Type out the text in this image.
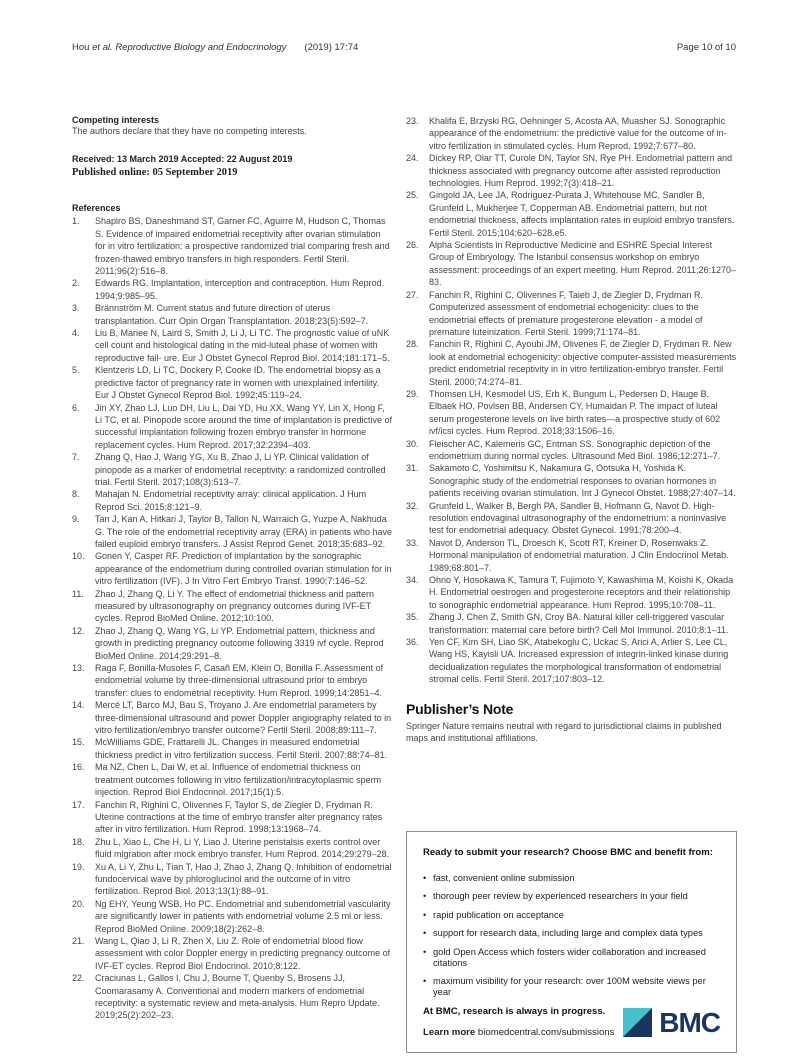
Hou et al. Reproductive Biology and Endocrinology (2019) 17:74	Page 10 of 10
Competing interests

The authors declare that they have no competing interests.

Received: 13 March 2019 Accepted: 22 August 2019

Published online: 05 September 2019

References
1.	Shapiro BS, Daneshmand ST, Garner FC, Aguirre M, Hudson C, Thomas S. Evidence of impaired endometrial receptivity after ovarian stimulation for in vitro fertilization: a prospective randomized trial comparing fresh and frozen-thawed embryo transfers in high responders. Fertil Steril. 2011;96(2):516–8.
2.	Edwards RG. Implantation, interception and contraception. Hum Reprod. 1994;9:985–95.
3.	Brännström M. Current status and future direction of uterus transplantation. Curr Opin Organ Transplantation. 2018;23(5):592–7.
4.	Liu B, Mariee N, Laird S, Smith J, Li J, Li TC. The prognostic value of uNK cell count and histological dating in the mid-luteal phase of women with reproductive fail- ure. Eur J Obstet Gynecol Reprod Biol. 2014;181:171–5.
5.	Klentzeris LD, Li TC, Dockery P, Cooke ID. The endometrial biopsy as a predictive factor of pregnancy rate in women with unexplained infertility. Eur J Obstet Gynecol Reprod Biol. 1992;45:119–24.
6.	Jin XY, Zhao LJ, Luo DH, Liu L, Dai YD, Hu XX, Wang YY, Lin X, Hong F, Li TC, et al. Pinopode score around the time of implantation is predictive of successful implantation following frozen embryo transfer in hormone replacement cycles. Hum Reprod. 2017;32:2394–403.
7.	Zhang Q, Hao J, Wang YG, Xu B, Zhao J, Li YP. Clinical validation of pinopode as a marker of endometrial receptivity: a randomized controlled trial. Fertil Steril. 2017;108(3):513–7.
8.	Mahajan N. Endometrial receptivity array: clinical application. J Hum Reprod Sci. 2015;8:121–9.
9.	Tan J, Kan A, Hitkari J, Taylor B, Tallon N, Warraich G, Yuzpe A, Nakhuda G. The role of the endometrial receptivity array (ERA) in patients who have failed euploid embryo transfers. J Assist Reprod Genet. 2018;35:683–92.
10. Gonen Y, Casper RF. Prediction of implantation by the sonographic appearance of the endometrium during controlled ovarian stimulation for in vitro fertilization (IVF). J In Vitro Fert Embryo Transf. 1990;7:146–52.
11. Zhao J, Zhang Q, Li Y. The effect of endometrial thickness and pattern measured by ultrasonography on pregnancy outcomes during IVF-ET cycles. Reprod BioMed Online. 2012;10:100.
12. Zhao J, Zhang Q, Wang YG, Li YP. Endometrial pattern, thickness and growth in predicting pregnancy outcome following 3319 ivf cycle. Reprod BioMed Online. 2014;29:291–8.
13. Raga F, Bonilla-Musoles F, Casañ EM, Klein O, Bonilla F. Assessment of endometrial volume by three-dimensional ultrasound prior to embryo transfer: clues to endometrial receptivity. Hum Reprod. 1999;14:2851–4.
14. Mercé LT, Barco MJ, Bau S, Troyano J. Are endometrial parameters by three-dimensional ultrasound and power Doppler angiography related to in vitro fertilization/embryo transfer outcome? Fertil Steril. 2008;89:111–7.
15. McWilliams GDE, Frattarelli JL. Changes in measured endometrial thickness predict in vitro fertilization success. Fertil Steril. 2007;88:74–81.
16. Ma NZ, Chen L, Dai W, et al. Influence of endometrial thickness on treatment outcomes following in vitro fertilization/intracytoplasmic sperm injection. Reprod Biol Endocrinol. 2017;15(1):5.
17. Fanchin R, Righini C, Olivennes F, Taylor S, de Ziegler D, Frydman R. Uterine contractions at the time of embryo transfer alter pregnancy rates after in vitro fertilization. Hum Reprod. 1998;13:1968–74.
18. Zhu L, Xiao L, Che H, Li Y, Liao J. Uterine peristalsis exerts control over fluid migration after mock embryo transfer. Hum Reprod. 2014;29:279–28.
19. Xu A, Li Y, Zhu L, Tian T, Hao J, Zhao J, Zhang Q. Inhibition of endometrial fundocervical wave by phloroglucinol and the outcome of in vitro fertilization. Reprod Biol. 2013;13(1):88–91.
20. Ng EHY, Yeung WSB, Ho PC. Endometrial and subendometrial vascularity are significantly lower in patients with endometrial volume 2.5 ml or less. Reprod BioMed Online. 2009;18(2):262–8.
21. Wang L, Qiao J, Li R, Zhen X, Liu Z. Role of endometrial blood flow assessment with color Doppler energy in predicting pregnancy outcome of IVF-ET cycles. Reprod Biol Endocrinol. 2010;8:122.
22. Craciunas L, Gallos I, Chu J, Bourne T, Quenby S, Brosens JJ, Coomarasamy A. Conventional and modern markers of endometrial receptivity: a systematic review and meta-analysis. Hum Repro Update. 2019;25(2):202–23.
23. Khalifa E, Brzyski RG, Oehninger S, Acosta AA, Muasher SJ. Sonographic appearance of the endometrium: the predictive value for the outcome of in-vitro fertilization in stimulated cycles. Hum Reprod. 1992;7:677–80.
24. Dickey RP, Olar TT, Curole DN, Taylor SN, Rye PH. Endometrial pattern and thickness associated with pregnancy outcome after assisted reproduction technologies. Hum Reprod. 1992;7(3):418–21.
25. Gingold JA, Lee JA, Rodriguez-Purata J, Whitehouse MC, Sandler B, Grunfeld L, Mukherjee T, Copperman AB. Endometrial pattern, but not endometrial thickness, affects implantation rates in euploid embryo transfers. Fertil Steril. 2015;104:620–628.e5.
26. Alpha Scientists in Reproductive Medicine and ESHRE Special Interest Group of Embryology. The Istanbul consensus workshop on embryo assessment: proceedings of an expert meeting. Hum Reprod. 2011;26:1270–83.
27. Fanchin R, Righini C, Olivennes F, Taieb J, de Ziegler D, Frydman R. Computerized assessment of endometrial echogenicity: clues to the endometrial effects of premature progesterone elevation - a model of premature luteinization. Fertil Steril. 1999;71:174–81.
28. Fanchin R, Righini C, Ayoubi JM, Olivenes F, de Ziegler D, Frydman R. New look at endometrial echogenicity: objective computer-assisted measurements predict endometrial receptivity in in vitro fertilization-embryo transfer. Fertil Steril. 2000;74:274–81.
29. Thomsen LH, Kesmodel US, Erb K, Bungum L, Pedersen D, Hauge B, Elbaek HO, Povlsen BB, Andersen CY, Humaidan P. The impact of luteal serum progesterone levels on live birth rates—a prospective study of 602 ivf/icsi cycles. Hum Reprod. 2018;33:1506–16.
30. Fleischer AC, Kalemeris GC, Entman SS. Sonographic depiction of the endometrium during normal cycles. Ultrasound Med Biol. 1986;12:271–7.
31. Sakamoto C, Yoshimitsu K, Nakamura G, Ootsuka H, Yoshida K. Sonographic study of the endometrial responses to ovarian hormones in patients receiving ovarian stimulation. Int J Gynecol Obstet. 1988;27:407–14.
32. Grunfeld L, Walker B, Bergh PA, Sandler B, Hofmann G, Navot D. High-resolution endovaginal ultrasonography of the endometrium: a noninvasive test for endometrial adequacy. Obstet Gynecol. 1991;78:200–4.
33. Navot D, Anderson TL, Droesch K, Scott RT, Kreiner D, Rosenwaks Z. Hormonal manipulation of endometrial maturation. J Clin Endocrinol Metab. 1989;68:801–7.
34. Ohno Y, Hosokawa K, Tamura T, Fujimoto Y, Kawashima M, Koishi K, Okada H. Endometrial oestrogen and progesterone receptors and their relationship to sonographic endometrial appearance. Hum Reprod. 1995;10:708–11.
35. Zhang J, Chen Z, Smith GN, Croy BA. Natural killer cell-triggered vascular transformation: maternal care before birth? Cell Mol Immunol. 2010;8:1–11.
36. Yen CF, Kim SH, Liao SK, Atabekoglu C, Uckac S, Arici A, Arlier S, Lee CL, Wang HS, Kayisli UA. Increased expression of integrin-linked kinase during decidualization regulates the morphological transformation of endometrial stromal cells. Fertil Steril. 2017;107:803–12.
Publisher’s Note

Springer Nature remains neutral with regard to jurisdictional claims in published maps and institutional affiliations.

Ready to submit your research? Choose BMC and benefit from:
• fast, convenient online submission
• thorough peer review by experienced researchers in your field
• rapid publication on acceptance
• support for research data, including large and complex data types
• gold Open Access which fosters wider collaboration and increased citations
• maximum visibility for your research: over 100M website views per year
At BMC, research is always in progress.
Learn more biomedcentral.com/submissions BMC
